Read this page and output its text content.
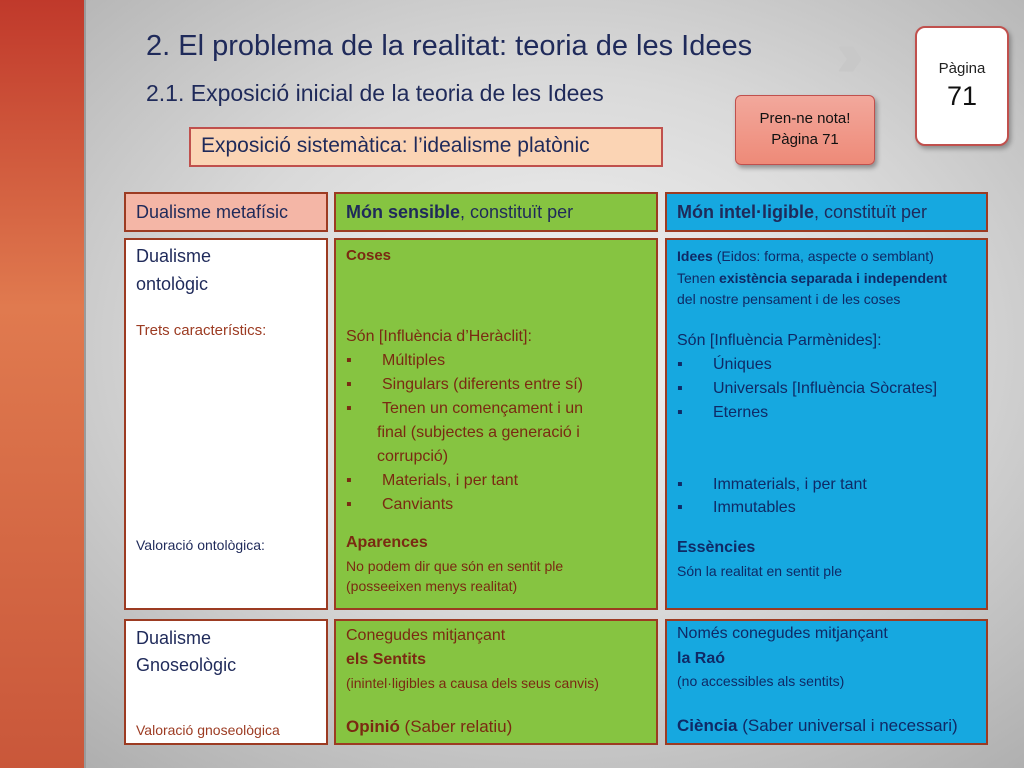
›››
2. El problema de la realitat: teoria de les Idees
2.1. Exposició inicial de la teoria de les Idees
Pàgina
71
Pren-ne nota!
Pàgina 71
Exposició sistemàtica: l’idealisme platònic
Dualisme metafísic	Món sensible, constituït per	Món intel·ligible, constituït per
Dualisme
ontològic
Trets característics:
Valoració ontològica:
Dualisme
Gnoseològic
Valoració gnoseològica
Coses
Són [Influència d’Heràclit]:
▪ Múltiples
▪ Singulars (diferents entre sí)
▪ Tenen un començament i un
final (subjectes a generació i
corrupció)
▪ Materials, i per tant
▪ Canviants
Aparences
No podem dir que són en sentit ple
(posseeixen menys realitat)
Idees (Eidos: forma, aspecte o semblant)
Tenen existència separada i independent
del nostre pensament i de les coses
Són [Influència Parmènides]:
▪ Úniques
▪ Universals [Influència Sòcrates]
▪ Eternes
▪ Immaterials, i per tant
▪ Immutables
Essències
Són la realitat en sentit ple
Conegudes mitjançant
els Sentits
(inintel·ligibles a causa dels seus canvis)
Opinió (Saber relatiu)
Només conegudes mitjançant
la Raó
(no accessibles als sentits)
Ciència (Saber universal i necessari)
